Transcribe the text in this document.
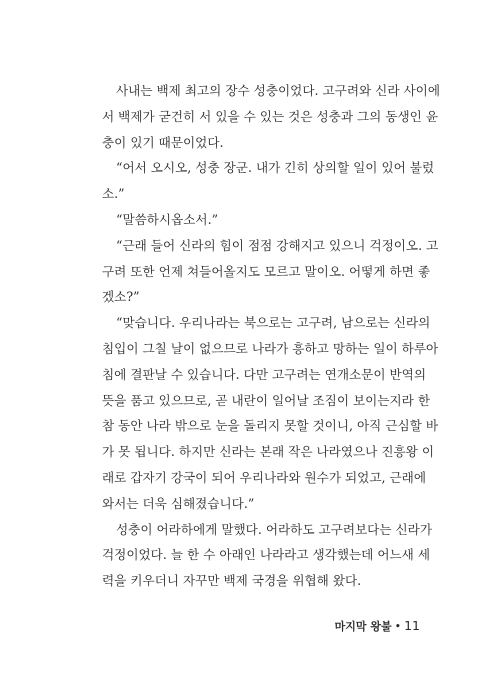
사내는 백제 최고의 장수 성충이었다. 고구려와 신라 사이에
서 백제가 굳건히 서 있을 수 있는 것은 성충과 그의 동생인 윤
충이 있기 때문이었다.
“어서 오시오, 성충 장군. 내가 긴히 상의할 일이 있어 불렀
소.”
“말씀하시옵소서.”
“근래 들어 신라의 힘이 점점 강해지고 있으니 걱정이오. 고
구려 또한 언제 쳐들어올지도 모르고 말이오. 어떻게 하면 좋
겠소?”
“맞습니다. 우리나라는 북으로는 고구려, 남으로는 신라의
침입이 그칠 날이 없으므로 나라가 흥하고 망하는 일이 하루아
침에 결판날 수 있습니다. 다만 고구려는 연개소문이 반역의
뜻을 품고 있으므로, 곧 내란이 일어날 조짐이 보이는지라 한
참 동안 나라 밖으로 눈을 돌리지 못할 것이니, 아직 근심할 바
가 못 됩니다. 하지만 신라는 본래 작은 나라였으나 진흥왕 이
래로 갑자기 강국이 되어 우리나라와 원수가 되었고, 근래에
와서는 더욱 심해졌습니다.”
성충이 어라하에게 말했다. 어라하도 고구려보다는 신라가
걱정이었다. 늘 한 수 아래인 나라라고 생각했는데 어느새 세
력을 키우더니 자꾸만 백제 국경을 위협해 왔다.
마지막 왕불 • 11
